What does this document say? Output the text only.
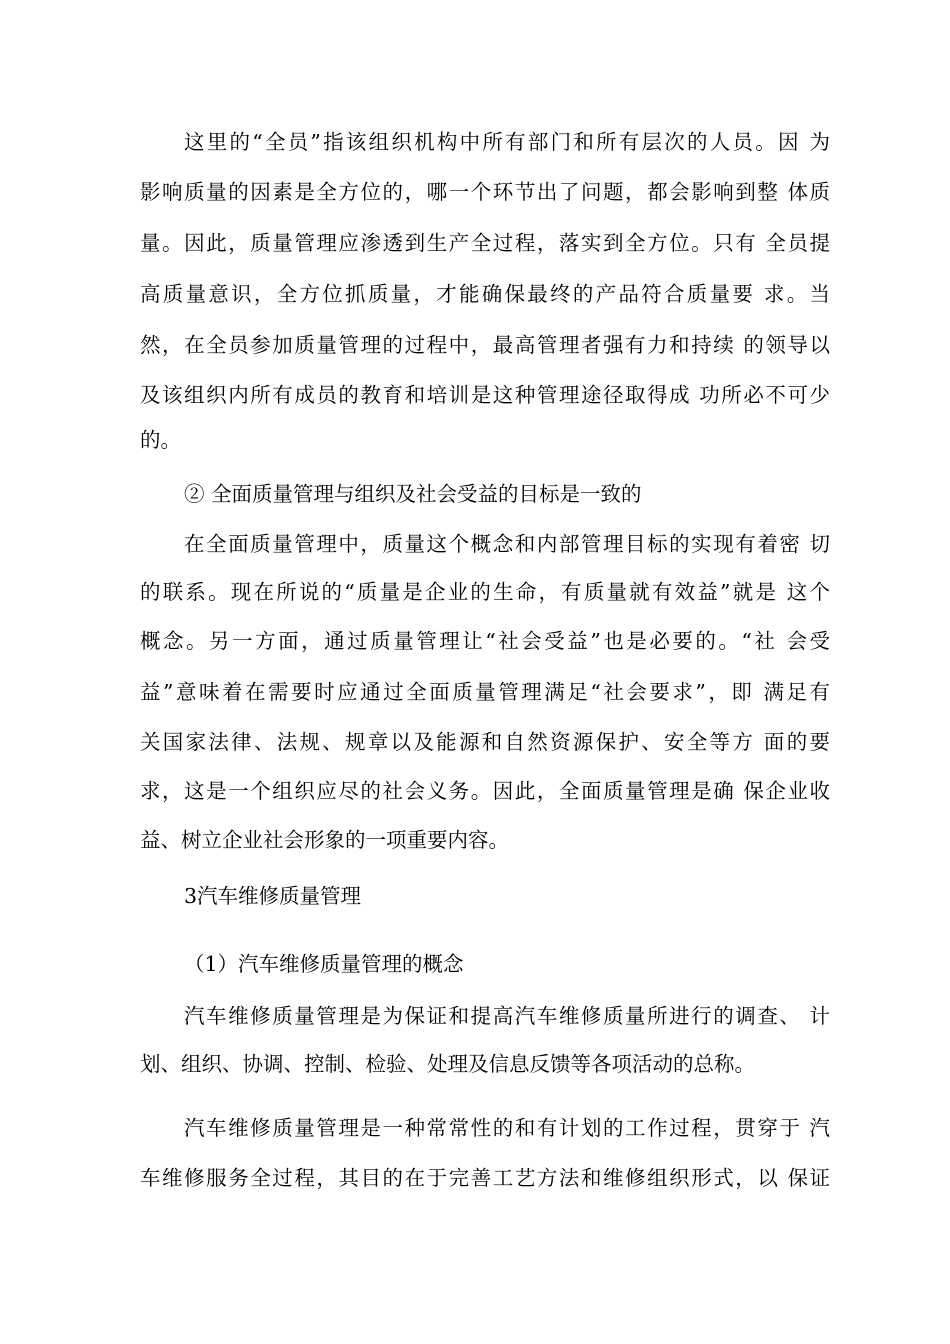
这里的“全员”指该组织机构中所有部门和所有层次的人员。因 为
影响质量的因素是全方位的，哪一个环节出了问题，都会影响到整 体质
量。因此，质量管理应渗透到生产全过程，落实到全方位。只有 全员提
高质量意识，全方位抓质量，才能确保最终的产品符合质量要 求。当
然，在全员参加质量管理的过程中，最高管理者强有力和持续 的领导以
及该组织内所有成员的教育和培训是这种管理途径取得成 功所必不可少
的。
② 全面质量管理与组织及社会受益的目标是一致的
在全面质量管理中，质量这个概念和内部管理目标的实现有着密 切
的联系。现在所说的“质量是企业的生命，有质量就有效益”就是 这个
概念。另一方面，通过质量管理让“社会受益”也是必要的。“社 会受
益”意味着在需要时应通过全面质量管理满足“社会要求”，即 满足有
关国家法律、法规、规章以及能源和自然资源保护、安全等方 面的要
求，这是一个组织应尽的社会义务。因此，全面质量管理是确 保企业收
益、树立企业社会形象的一项重要内容。
3汽车维修质量管理
（1）汽车维修质量管理的概念
汽车维修质量管理是为保证和提高汽车维修质量所进行的调查、 计
划、组织、协调、控制、检验、处理及信息反馈等各项活动的总称。
汽车维修质量管理是一种常常性的和有计划的工作过程，贯穿于 汽
车维修服务全过程，其目的在于完善工艺方法和维修组织形式，以 保证
